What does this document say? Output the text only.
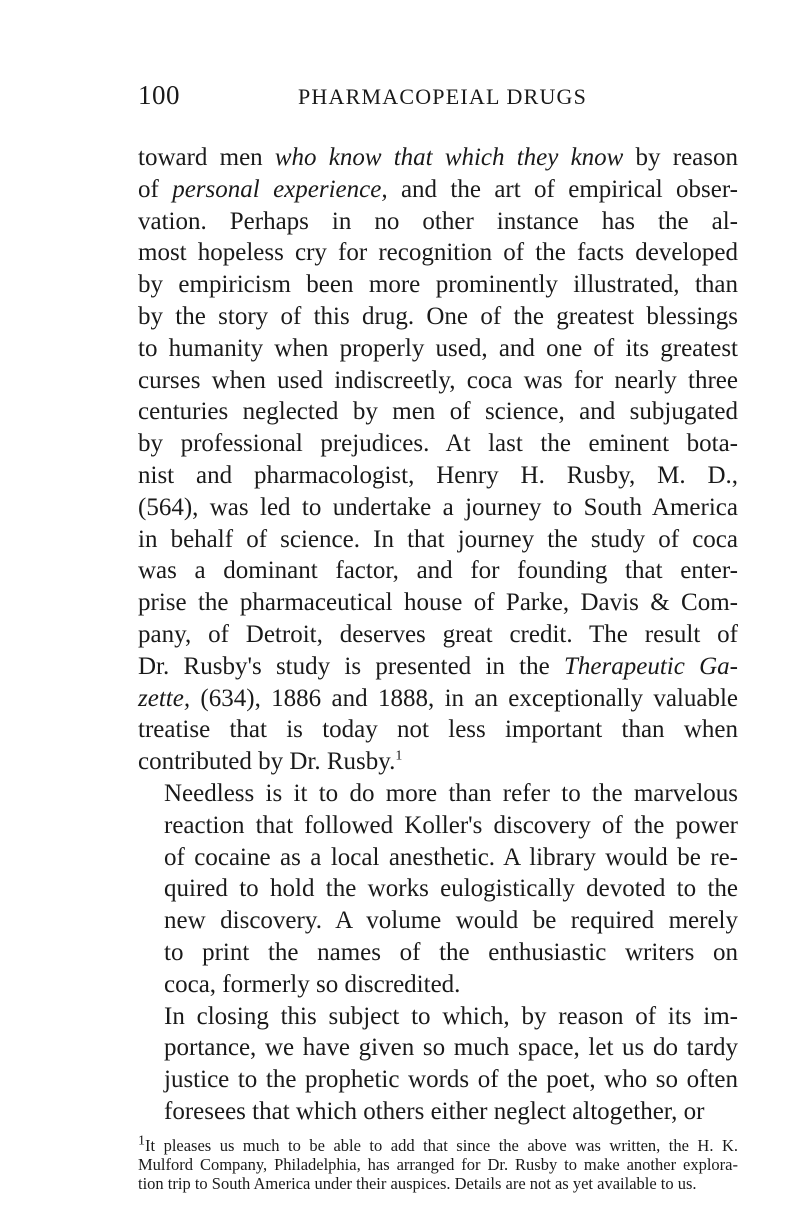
100	PHARMACOPEIAL DRUGS

toward men who know that which they know by reason
of personal experience, and the art of empirical obser-
vation. Perhaps in no other instance has the al-
most hopeless cry for recognition of the facts developed
by empiricism been more prominently illustrated, than
by the story of this drug. One of the greatest blessings
to humanity when properly used, and one of its greatest
curses when used indiscreetly, coca was for nearly three
centuries neglected by men of science, and subjugated
by professional prejudices. At last the eminent bota-
nist and pharmacologist, Henry H. Rusby, M. D.,
(564), was led to undertake a journey to South America
in behalf of science. In that journey the study of coca
was a dominant factor, and for founding that enter-
prise the pharmaceutical house of Parke, Davis & Com-
pany, of Detroit, deserves great credit. The result of
Dr. Rusby's study is presented in the Therapeutic Ga-
zette, (634), 1886 and 1888, in an exceptionally valuable
treatise that is today not less important than when
contributed by Dr. Rusby.$^1$

Needless is it to do more than refer to the marvelous
reaction that followed Koller's discovery of the power
of cocaine as a local anesthetic. A library would be re-
quired to hold the works eulogistically devoted to the
new discovery. A volume would be required merely
to print the names of the enthusiastic writers on
coca, formerly so discredited.

In closing this subject to which, by reason of its im-
portance, we have given so much space, let us do tardy
justice to the prophetic words of the poet, who so often
foresees that which others either neglect altogether, or

$^1$It pleases us much to be able to add that since the above was written, the H. K.
Mulford Company, Philadelphia, has arranged for Dr. Rusby to make another explora-
tion trip to South America under their auspices. Details are not as yet available to us.
